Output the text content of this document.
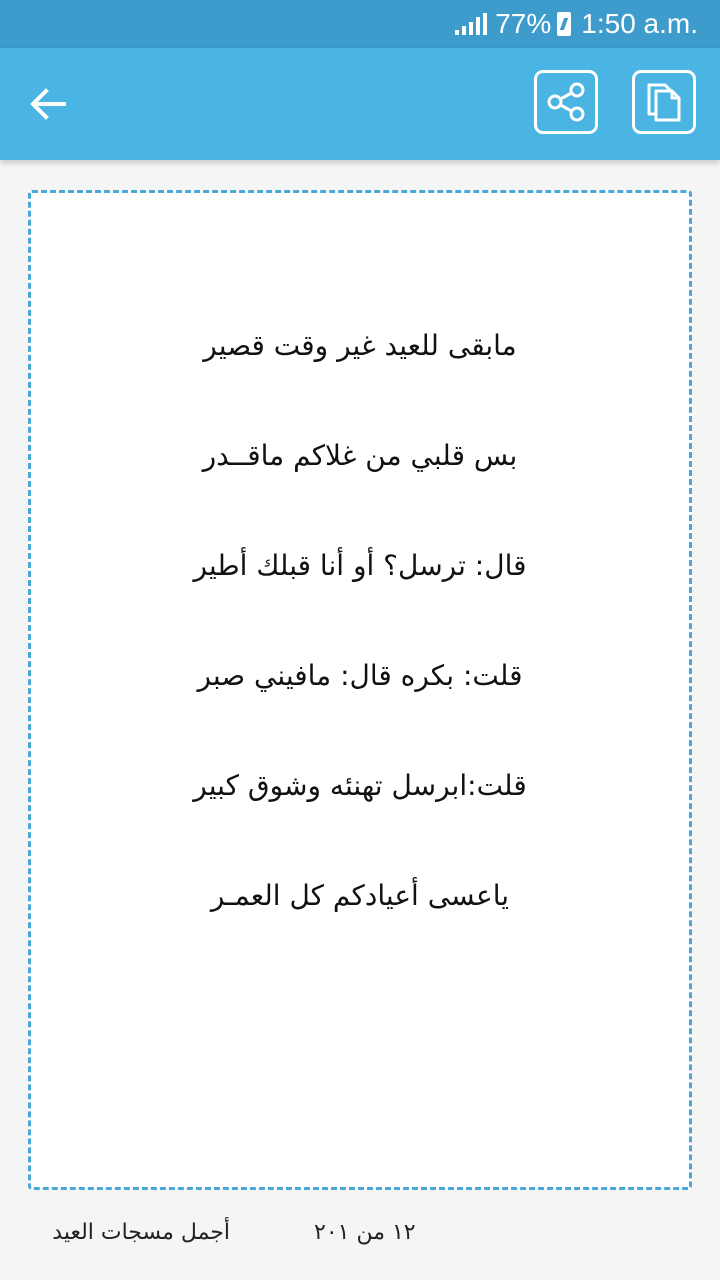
77% 1:50 a.m.

مابقى للعيد غير وقت قصير

بس قلبي من غلاكم ماقــدر

قال: ترسل؟ أو أنا قبلك أطير

قلت: بكره قال: مافيني صبر

قلت:ابرسل تهنئه وشوق كبير

ياعسى أعيادكم كل العمـر

أجمل مسجات العيد	١٢ من ٢٠١
